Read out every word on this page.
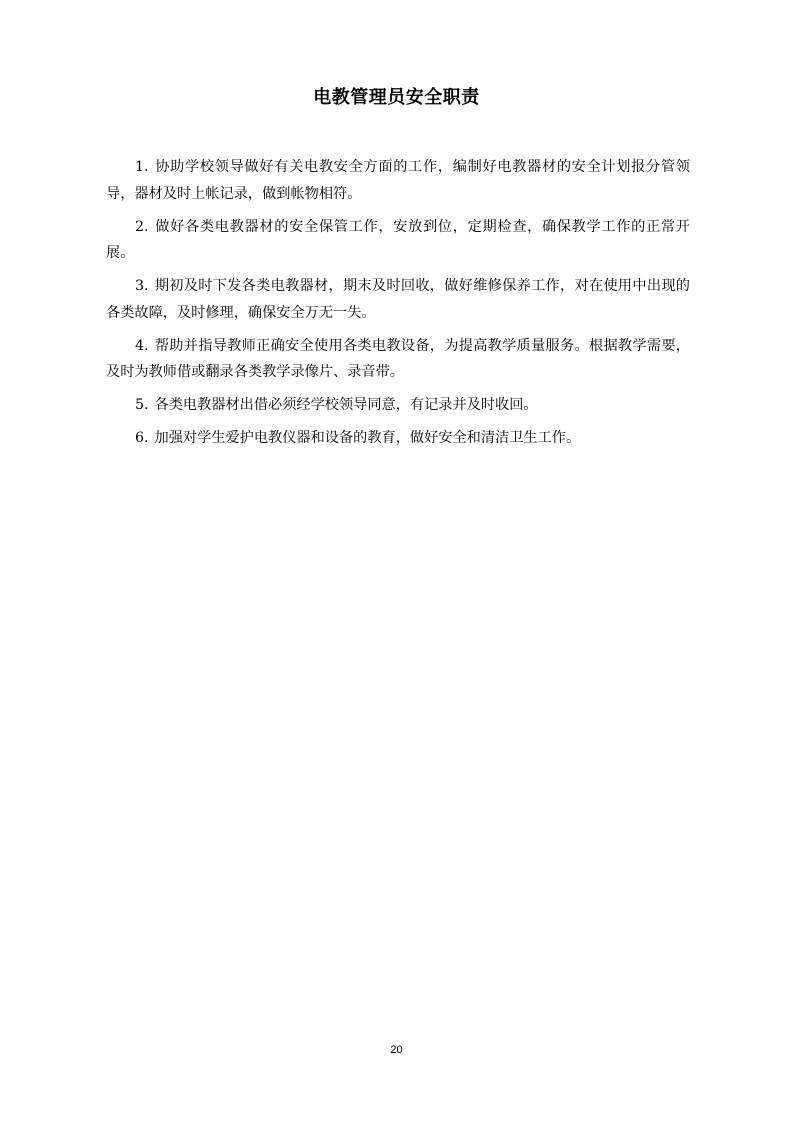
电教管理员安全职责
1. 协助学校领导做好有关电教安全方面的工作，编制好电教器材的安全计划报分管领导，器材及时上帐记录，做到帐物相符。
2. 做好各类电教器材的安全保管工作，安放到位，定期检查，确保教学工作的正常开展。
3. 期初及时下发各类电教器材，期末及时回收，做好维修保养工作，对在使用中出现的各类故障，及时修理，确保安全万无一失。
4. 帮助并指导教师正确安全使用各类电教设备，为提高教学质量服务。根据教学需要，及时为教师借或翻录各类教学录像片、录音带。
5. 各类电教器材出借必须经学校领导同意，有记录并及时收回。
6. 加强对学生爱护电教仪器和设备的教育，做好安全和清洁卫生工作。
20
